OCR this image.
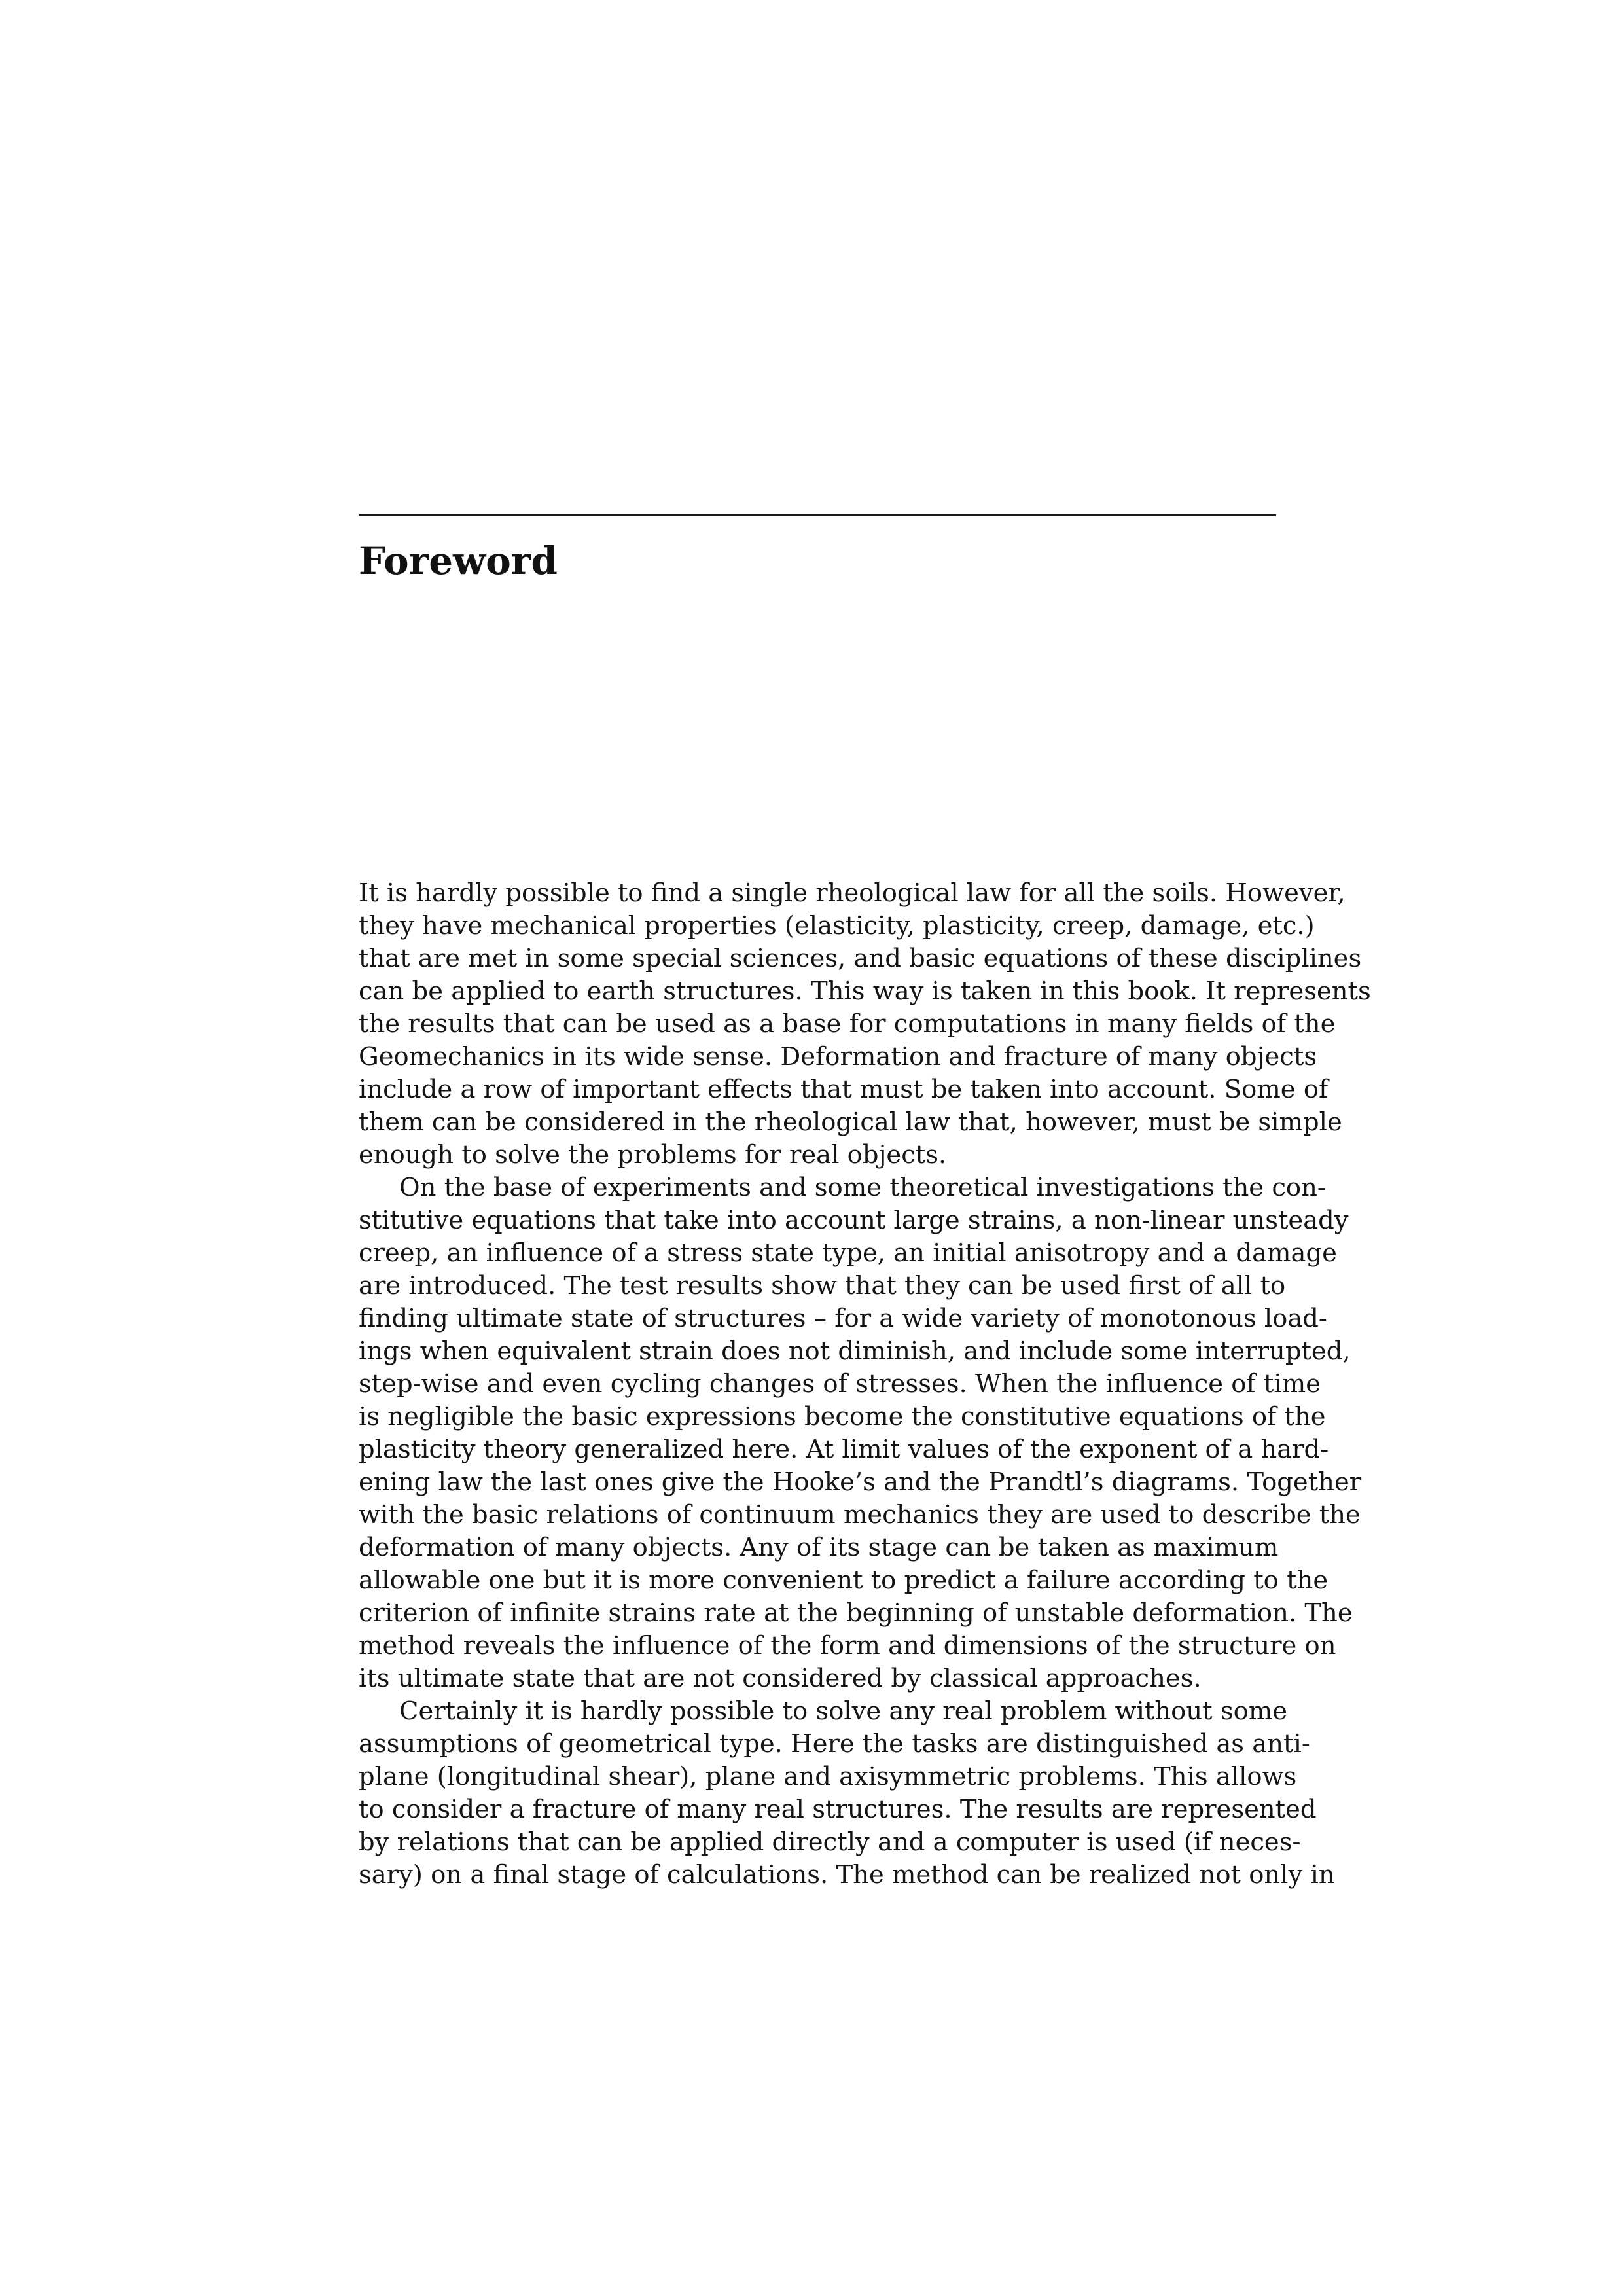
Foreword
It is hardly possible to find a single rheological law for all the soils. However,
they have mechanical properties (elasticity, plasticity, creep, damage, etc.)
that are met in some special sciences, and basic equations of these disciplines
can be applied to earth structures. This way is taken in this book. It represents
the results that can be used as a base for computations in many fields of the
Geomechanics in its wide sense. Deformation and fracture of many objects
include a row of important effects that must be taken into account. Some of
them can be considered in the rheological law that, however, must be simple
enough to solve the problems for real objects.
On the base of experiments and some theoretical investigations the con-
stitutive equations that take into account large strains, a non-linear unsteady
creep, an influence of a stress state type, an initial anisotropy and a damage
are introduced. The test results show that they can be used first of all to
finding ultimate state of structures – for a wide variety of monotonous load-
ings when equivalent strain does not diminish, and include some interrupted,
step-wise and even cycling changes of stresses. When the influence of time
is negligible the basic expressions become the constitutive equations of the
plasticity theory generalized here. At limit values of the exponent of a hard-
ening law the last ones give the Hooke’s and the Prandtl’s diagrams. Together
with the basic relations of continuum mechanics they are used to describe the
deformation of many objects. Any of its stage can be taken as maximum
allowable one but it is more convenient to predict a failure according to the
criterion of infinite strains rate at the beginning of unstable deformation. The
method reveals the influence of the form and dimensions of the structure on
its ultimate state that are not considered by classical approaches.
Certainly it is hardly possible to solve any real problem without some
assumptions of geometrical type. Here the tasks are distinguished as anti-
plane (longitudinal shear), plane and axisymmetric problems. This allows
to consider a fracture of many real structures. The results are represented
by relations that can be applied directly and a computer is used (if neces-
sary) on a final stage of calculations. The method can be realized not only in
